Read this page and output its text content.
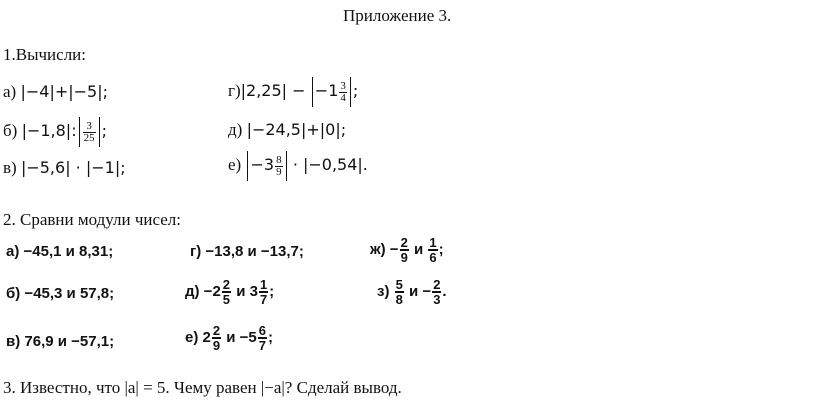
Приложение 3.
1.Вычисли:
а) |−4|+|−5|;
б) |−1,8|: $\frac{3}{25}$ ;
в) |−5,6| · |−1|;
$г)|2,25| - -1 \frac{3}{4}$ ;
д) |−24,5|+|0|;
$е) -3 \frac{8}{9} \cdot |-0,54|$.
2. Сравни модули чисел:
а) −45,1 и 8,31;	г) −13,8 и −13,7;	$ж) - \frac{2}{9}$ и $\frac{1}{6}$ ;
б) −45,3 и 57,8;	$д) -2 \frac{2}{5}$ и $3 \frac{1}{7}$ ;	$з) \frac{5}{8}$ $и - \frac{2}{3}$ .
в) 76,9 и −57,1;	е) $2 \frac{2}{9}$ $и -5 \frac{6}{7}$ ;
3. Известно, что |a| = 5. Чему равен |−a|? Сделай вывод.
